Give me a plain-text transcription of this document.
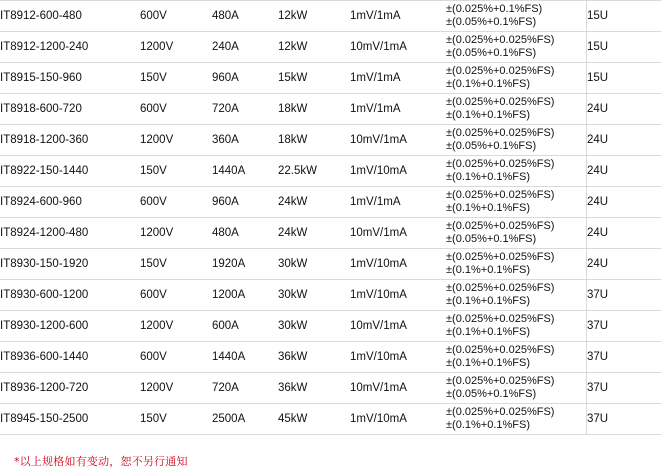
IT8912-600-480	600V	480A	12kW	1mV/1mA	±(0.025%+0.1%FS)
±(0.05%+0.1%FS)	15U
IT8912-1200-240	1200V	240A	12kW	10mV/1mA	±(0.025%+0.025%FS)
±(0.05%+0.1%FS)	15U
IT8915-150-960	150V	960A	15kW	1mV/1mA	±(0.025%+0.025%FS)
±(0.1%+0.1%FS)	15U
IT8918-600-720	600V	720A	18kW	1mV/1mA	±(0.025%+0.025%FS)
±(0.1%+0.1%FS)	24U
IT8918-1200-360	1200V	360A	18kW	10mV/1mA	±(0.025%+0.025%FS)
±(0.05%+0.1%FS)	24U
IT8922-150-1440	150V	1440A	22.5kW	1mV/10mA	±(0.025%+0.025%FS)
±(0.1%+0.1%FS)	24U
IT8924-600-960	600V	960A	24kW	1mV/1mA	±(0.025%+0.025%FS)
±(0.1%+0.1%FS)	24U
IT8924-1200-480	1200V	480A	24kW	10mV/1mA	±(0.025%+0.025%FS)
±(0.05%+0.1%FS)	24U
IT8930-150-1920	150V	1920A	30kW	1mV/10mA	±(0.025%+0.025%FS)
±(0.1%+0.1%FS)	24U
IT8930-600-1200	600V	1200A	30kW	1mV/10mA	±(0.025%+0.025%FS)
±(0.1%+0.1%FS)	37U
IT8930-1200-600	1200V	600A	30kW	10mV/1mA	±(0.025%+0.025%FS)
±(0.1%+0.1%FS)	37U
IT8936-600-1440	600V	1440A	36kW	1mV/10mA	±(0.025%+0.025%FS)
±(0.1%+0.1%FS)	37U
IT8936-1200-720	1200V	720A	36kW	10mV/1mA	±(0.025%+0.025%FS)
±(0.05%+0.1%FS)	37U
IT8945-150-2500	150V	2500A	45kW	1mV/10mA	±(0.025%+0.025%FS)
±(0.1%+0.1%FS)	37U
*以上规格如有变动，恕不另行通知
